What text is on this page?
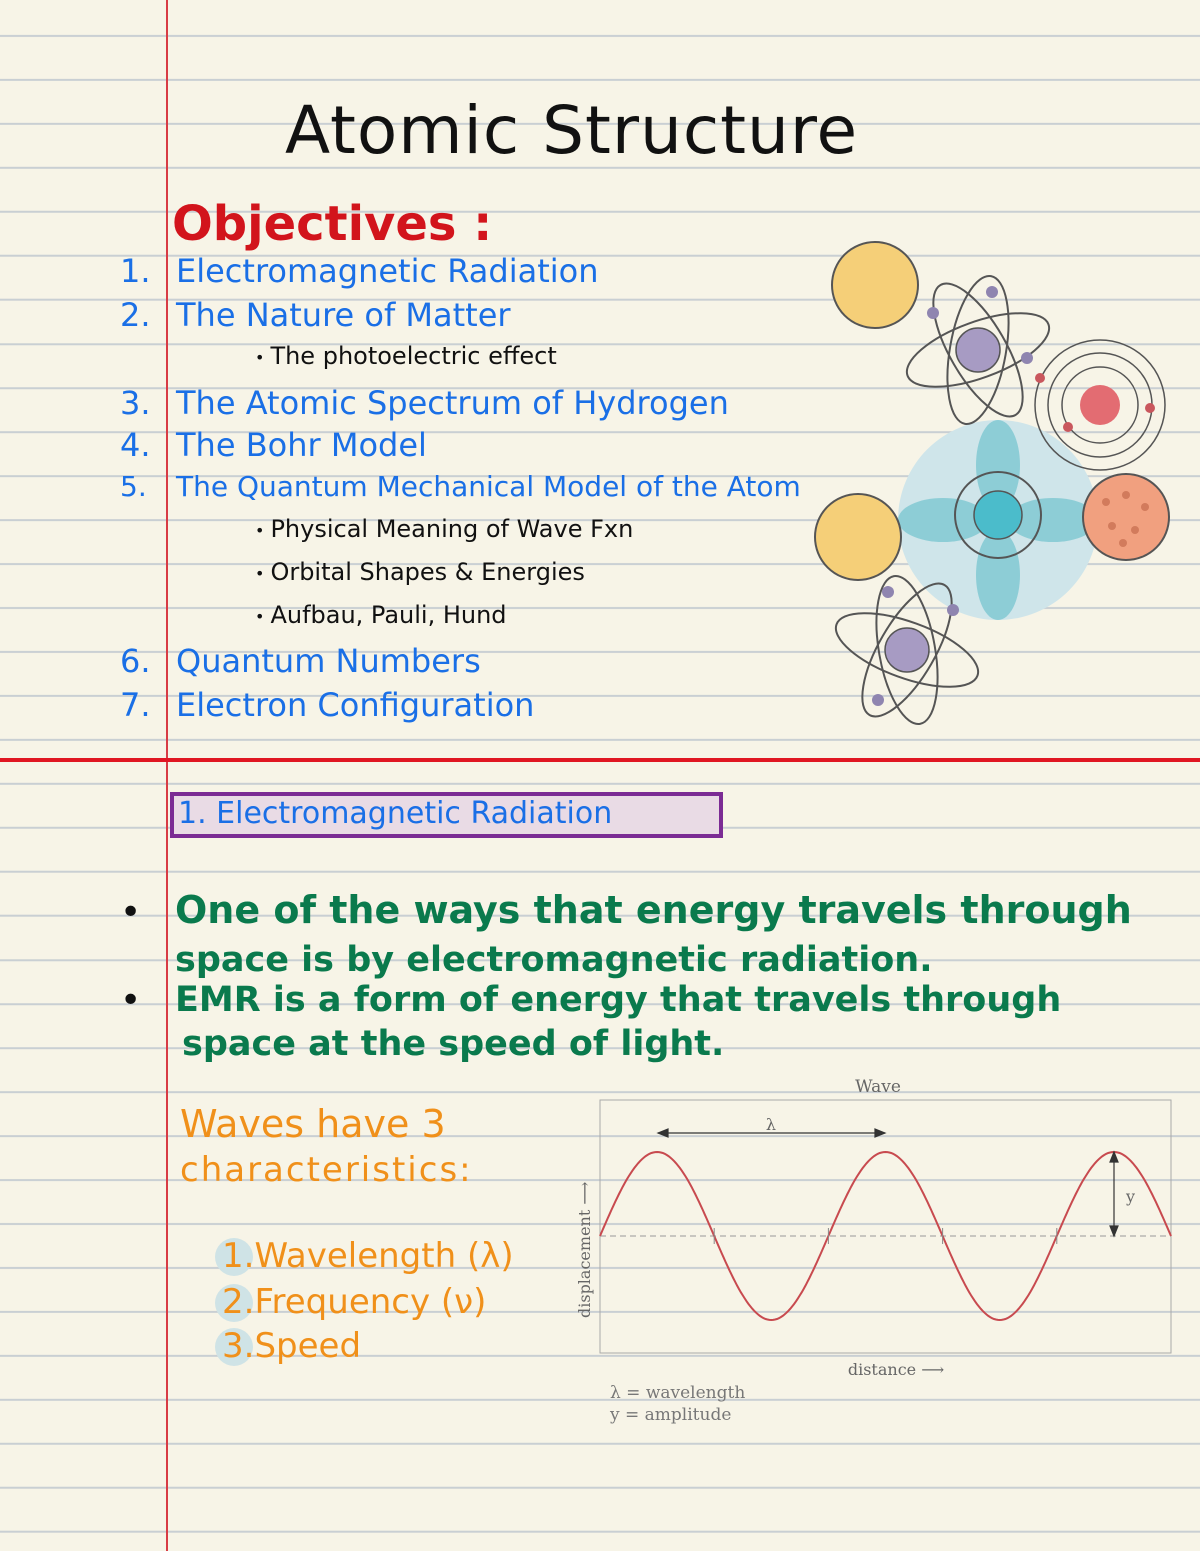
Atomic Structure
Objectives :
1. Electromagnetic Radiation
2. The Nature of Matter
• The photoelectric effect
3. The Atomic Spectrum of Hydrogen
4. The Bohr Model
5. The Quantum Mechanical Model of the Atom
• Physical Meaning of Wave Fxn
• Orbital Shapes & Energies
• Aufbau, Pauli, Hund
6. Quantum Numbers
7. Electron Configuration
1. Electromagnetic Radiation
• One of the ways that energy travels through
space is by electromagnetic radiation.
• EMR is a form of energy that travels through
space at the speed of light.
Waves have 3
characteristics:
1.Wavelength (λ)
2.Frequency (ν)
3.Speed
Wave
λ
y
displacement ⟶
distance ⟶
λ = wavelength
y = amplitude
